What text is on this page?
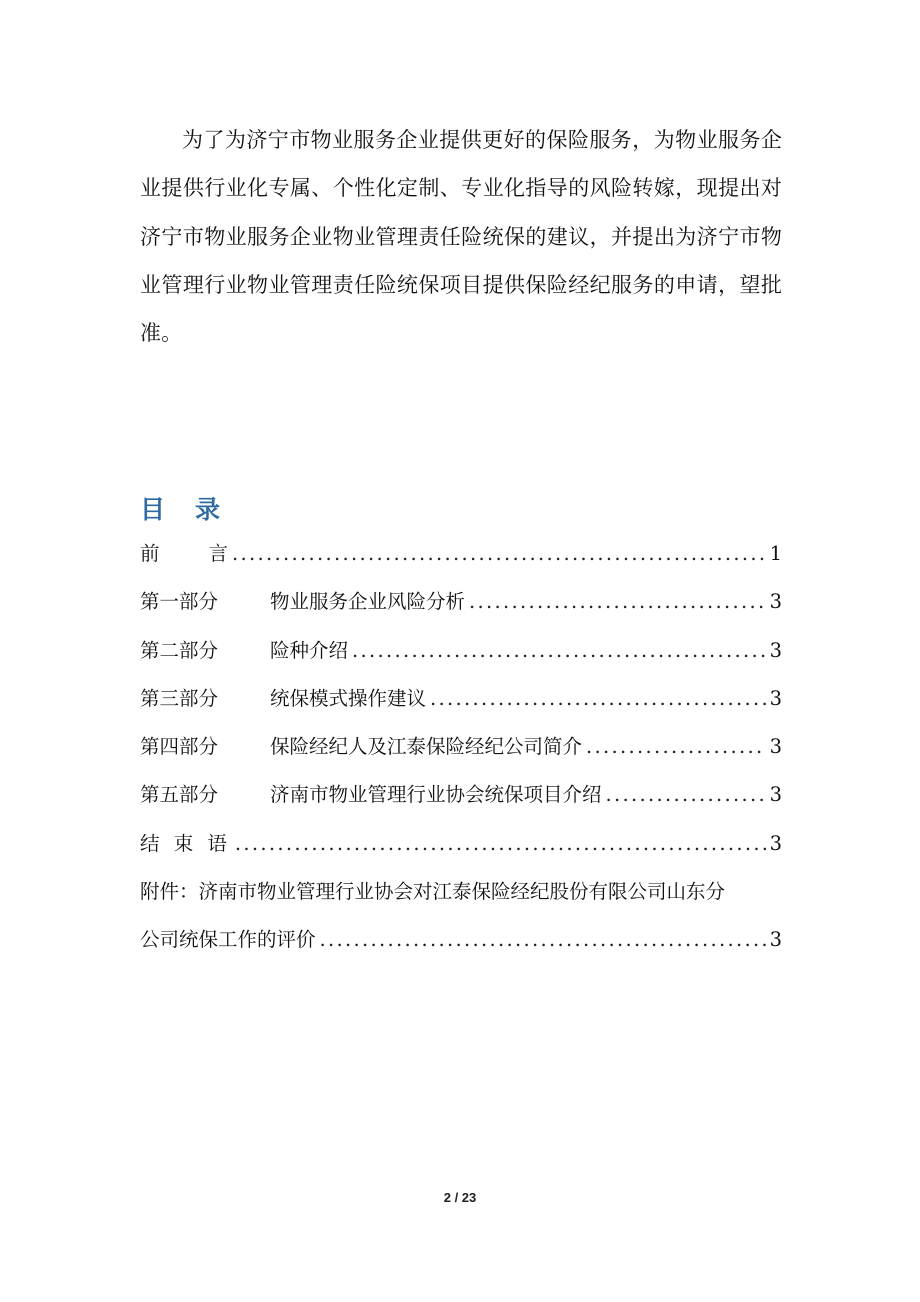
为了为济宁市物业服务企业提供更好的保险服务，为物业服务企业提供行业化专属、个性化定制、专业化指导的风险转嫁，现提出对济宁市物业服务企业物业管理责任险统保的建议，并提出为济宁市物业管理行业物业管理责任险统保项目提供保险经纪服务的申请，望批准。

目 录
前	言 .....	1
第一部分	物业服务企业风险分析 .....	3
第二部分	险种介绍 .....	3
第三部分	统保模式操作建议 .....	3
第四部分	保险经纪人及江泰保险经纪公司简介 .....	3
第五部分	济南市物业管理行业协会统保项目介绍 .....	3
结 束 语 .....	3
附件：济南市物业管理行业协会对江泰保险经纪股份有限公司山东分
公司统保工作的评价 .....	3
2 / 23
